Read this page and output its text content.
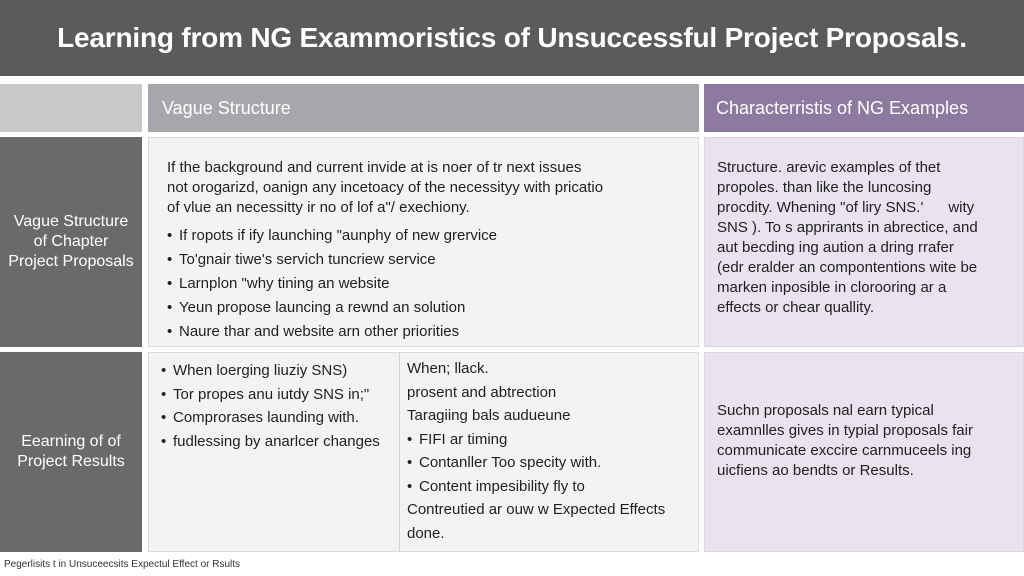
Learning from NG Exammoristics of Unsuccessful Project Proposals.
Vague Structure	Characterristis of NG Examples
Vague Structure of Chapter Project Proposals

If the background and current invide at is noer of tr next issues

not orogarizd, oanign any incetoacy of the necessityy with pricatio

of vlue an necessitty ir no of lof a"/ exechiony.

• If ropots if ify launching "aunphy of new grervice
• To'gnair tiwe's servich tuncriew service
• Larnplon "why tining an website
• Yeun propose launcing a rewnd an solution
• Naure thar and website arn other priorities

Structure. arevic examples of thet

propoles. than like the luncosing

procdity. Whening "of liry SNS.'      wity

SNS ). To s apprirants in abrectice, and

aut becding ing aution a dring rrafer

(edr eralder an compontentions wite be

marken inposible in clorooring ar a

effects or chear quallity.

Eearning of of Project Results
• When loerging liuziy SNS)
• Tor propes anu iutdy SNS in;"
• Comprorases launding with.
• fudlessing by anarlcer changes

When; llack.

prosent and abtrection

Taragiing bals audueune

• FIFI ar timing
• Contanller Too specity with.
• Content impesibility fly to
Contreutied ar ouw w Expected Effects
done.

Suchn proposals nal earn typical

examnlles gives in typial proposals fair

communicate exccire carnmuceels ing

uicfiens ao bendts or Results.

Pegerlisits t in Unsuceecsits Expectul Effect or Rsults
